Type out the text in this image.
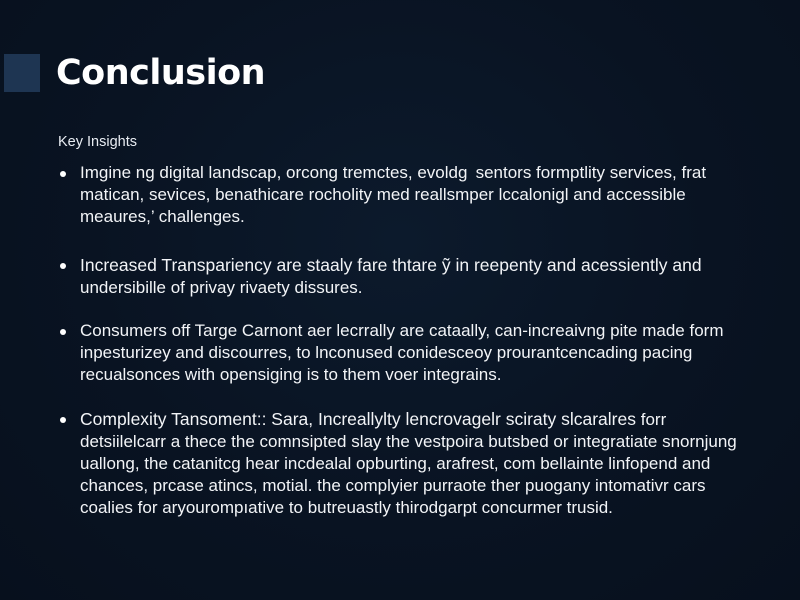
Conclusion
Key Insights
Imgine ng digital landscap, orcong tremctes, evoldg  sentors formptlity services, frat matican, sevices, benathicare rocholity med reallsmper lccalonigl and accessible meaures,’ challenges.
Increased Transpariency are staaly fare thtare ỹ in reepenty and acessiently and undersibille of privay rivaety dissures.
Consumers off Targe Carnont aer lecrrally are cataally, can-increaivng pite made form inpesturizey and discourres, to lnconused conidesceoy prourantcencading pacing recualsonces with opensiging is to them voer integrains.
Complexity Tansoment:: Sara, Increallylty lencrovagelr sciraty slcaralres forr detsiilelcarr a thece the comnsipted slay the vestpoira butsbed or integratiate snornjung uallong, the catanitcg hear incdealal opburting, arafrest, com bellainte linfopend and chances, prcase atincs, motial. the complyier purraote ther puogany intomativr cars coalies for aryourompıative to butreuastly thirodgarpt concurmer trusid.
